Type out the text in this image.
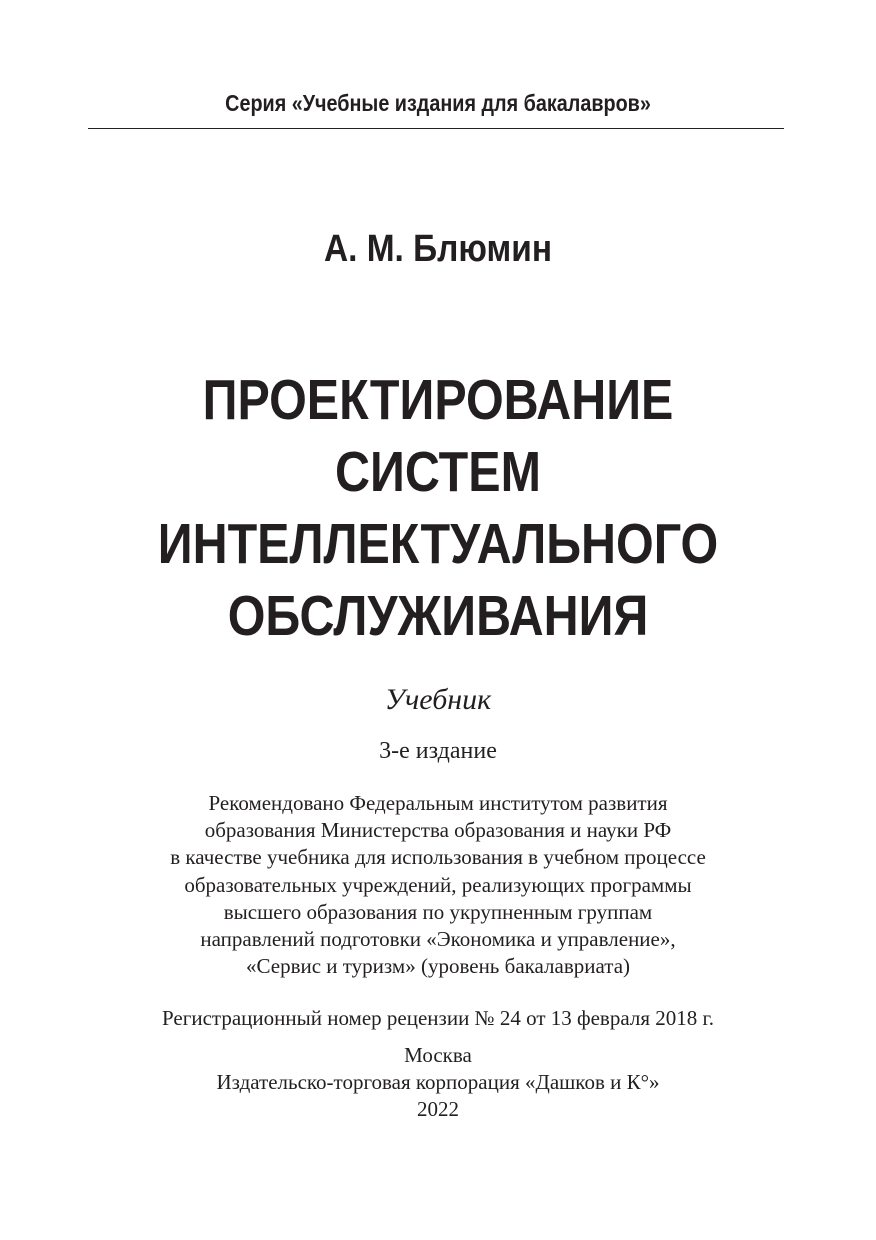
Серия «Учебные издания для бакалавров»
А. М. Блюмин
ПРОЕКТИРОВАНИЕ
СИСТЕМ
ИНТЕЛЛЕКТУАЛЬНОГО
ОБСЛУЖИВАНИЯ
Учебник
3-е издание
Рекомендовано Федеральным институтом развития
образования Министерства образования и науки РФ
в качестве учебника для использования в учебном процессе
образовательных учреждений, реализующих программы
высшего образования по укрупненным группам
направлений подготовки «Экономика и управление»,
«Сервис и туризм» (уровень бакалавриата)
Регистрационный номер рецензии № 24 от 13 февраля 2018 г.
Москва
Издательско-торговая корпорация «Дашков и К°»
2022
